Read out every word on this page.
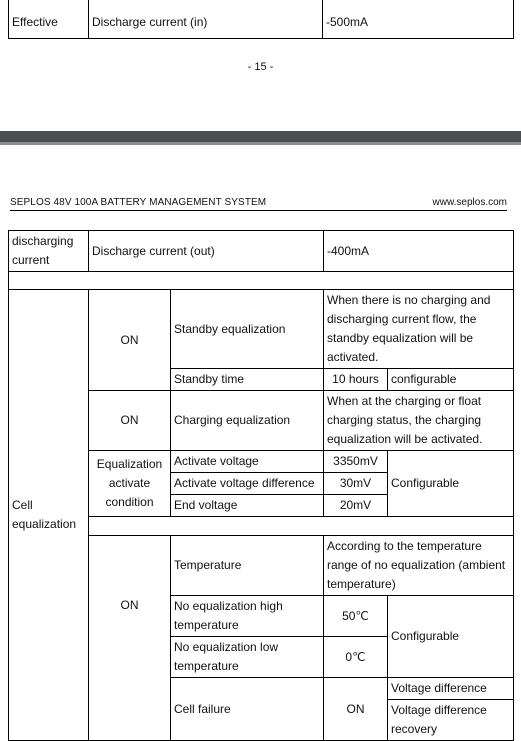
Effective	Discharge current (in)	-500mA
- 15 -
SEPLOS 48V 100A BATTERY MANAGEMENT SYSTEM	www.seplos.com
discharging current	Discharge current (out)		-400mA		

Cell equalization	ON	Standby equalization	When there is no charging and discharging current flow, the standby equalization will be activated.		
		Standby time	10 hours	configurable	
	ON	Charging equalization	When at the charging or float charging status, the charging equalization will be activated.		
	Equalization activate condition	Activate voltage	3350mV	Configurable	
		Activate voltage difference	30mV		
		End voltage	20mV		

	ON	Temperature	According to the temperature range of no equalization (ambient temperature)		
		No equalization high temperature	50℃	Configurable	
		No equalization low temperature	0℃		
		Cell failure	ON	Voltage difference		
				Voltage difference recovery	
